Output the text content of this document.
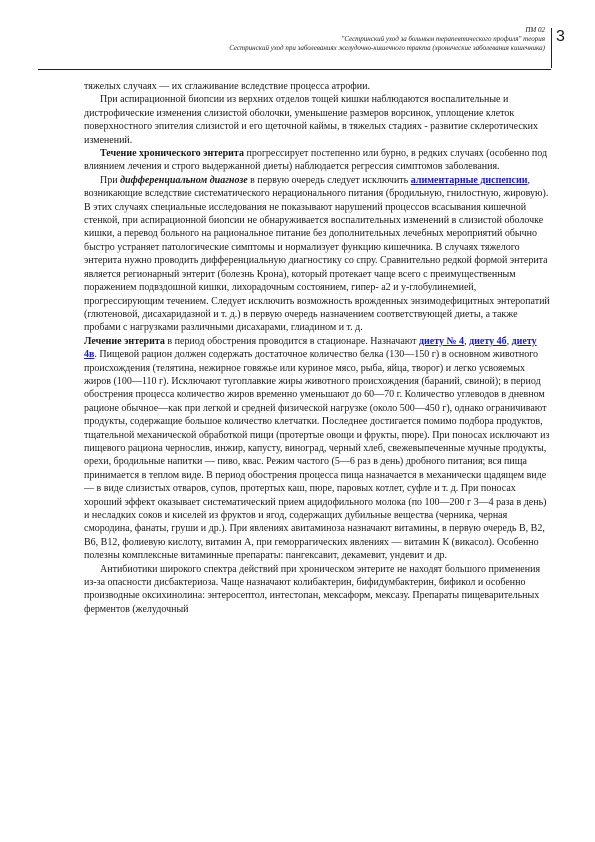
ПМ 02
"Сестринский уход за больным терапевтического профиля" теория
Сестринский уход при заболеваниях желудочно-кишечного тракта (хронические заболевания кишечника)
3

тяжелых случаях — их сглаживание вследствие процесса атрофии.

При аспирационной биопсии из верхних отделов тощей кишки наблюдаются воспалительные и дистрофические изменения слизистой оболочки, уменьшение размеров ворсинок, уплощение клеток поверхностного эпителия слизистой и его щеточной каймы, в тяжелых стадиях - развитие склеротических изменений.

Течение хронического энтерита прогрессирует постепенно или бурно, в редких случаях (особенно под влиянием лечения и строго выдержанной диеты) наблюдается регрессия симптомов заболевания.

При дифференциальном диагнозе в первую очередь следует исключить алиментарные диспепсии, возникающие вследствие систематического нерационального питания (бродильную, гнилостную, жировую). В этих случаях специальные исследования не показывают нарушений процессов всасывания кишечной стенкой, при аспирационной биопсии не обнаруживается воспалительных изменений в слизистой оболочке кишки, а перевод больного на рациональное питание без дополнительных лечебных мероприятий обычно быстро устраняет патологические симптомы и нормализует функцию кишечника. В случаях тяжелого энтерита нужно проводить дифференциальную диагностику со спру. Сравнительно редкой формой энтерита является регионарный энтерит (болезнь Крона), который протекает чаще всего с преимущественным поражением подвздошной кишки, лихорадочным состоянием, гипер- а2 и у-глобулинемией, прогрессирующим течением. Следует исключить возможность врожденных энзимодефицитных энтеропатий (глютеновой, дисахаридазной и т. д.) в первую очередь назначением соответствующей диеты, а также пробами с нагрузками различными дисахарами, глиадином и т. д.

Лечение энтерита в период обострения проводится в стационаре. Назначают диету № 4, диету 4б, диету 4в. Пищевой рацион должен содержать достаточное количество белка (130—150 г) в основном животного происхождения (телятина, нежирное говяжье или куриное мясо, рыба, яйца, творог) и легко усвояемых жиров (100—110 г). Исключают тугоплавкие жиры животного происхождения (бараний, свиной); в период обострения процесса количество жиров временно уменьшают до 60—70 г. Количество углеводов в дневном рационе обычное—как при легкой и средней физической нагрузке (около 500—450 г), однако ограничивают продукты, содержащие большое количество клетчатки. Последнее достигается помимо подбора продуктов, тщательной механической обработкой пищи (протертые овощи и фрукты, пюре). При поносах исключают из пищевого рациона чернослив, инжир, капусту, виноград, черный хлеб, свежевыпеченные мучные продукты, орехи, бродильные напитки — пиво, квас. Режим частого (5—6 раз в день) дробного питания; вся пища принимается в теплом виде. В период обострения процесса пища назначается в механически щадящем виде — в виде слизистых отваров, супов, протертых каш, пюре, паровых котлет, суфле и т. д. При поносах хороший эффект оказывает систематический прием ацидофильного молока (по 100—200 г 3—4 раза в день) и несладких соков и киселей из фруктов и ягод, содержащих дубильные вещества (черника, черная смородина, фанаты, груши и др.). При явлениях авитаминоза назначают витамины, в первую очередь В, В2, В6, В12, фолиевую кислоту, витамин А, при геморрагических явлениях — витамин К (викасол). Особенно полезны комплексные витаминные препараты: пангексавит, декамевит, ундевит и др.

Антибиотики широкого спектра действий при хроническом энтерите не находят большого применения из-за опасности дисбактериоза. Чаще назначают колибактерин, бифидумбактерин, бификол и особенно производные оксихинолина: энтеросептол, интестопан, мексаформ, мексазу. Препараты пищеварительных ферментов (желудочный
